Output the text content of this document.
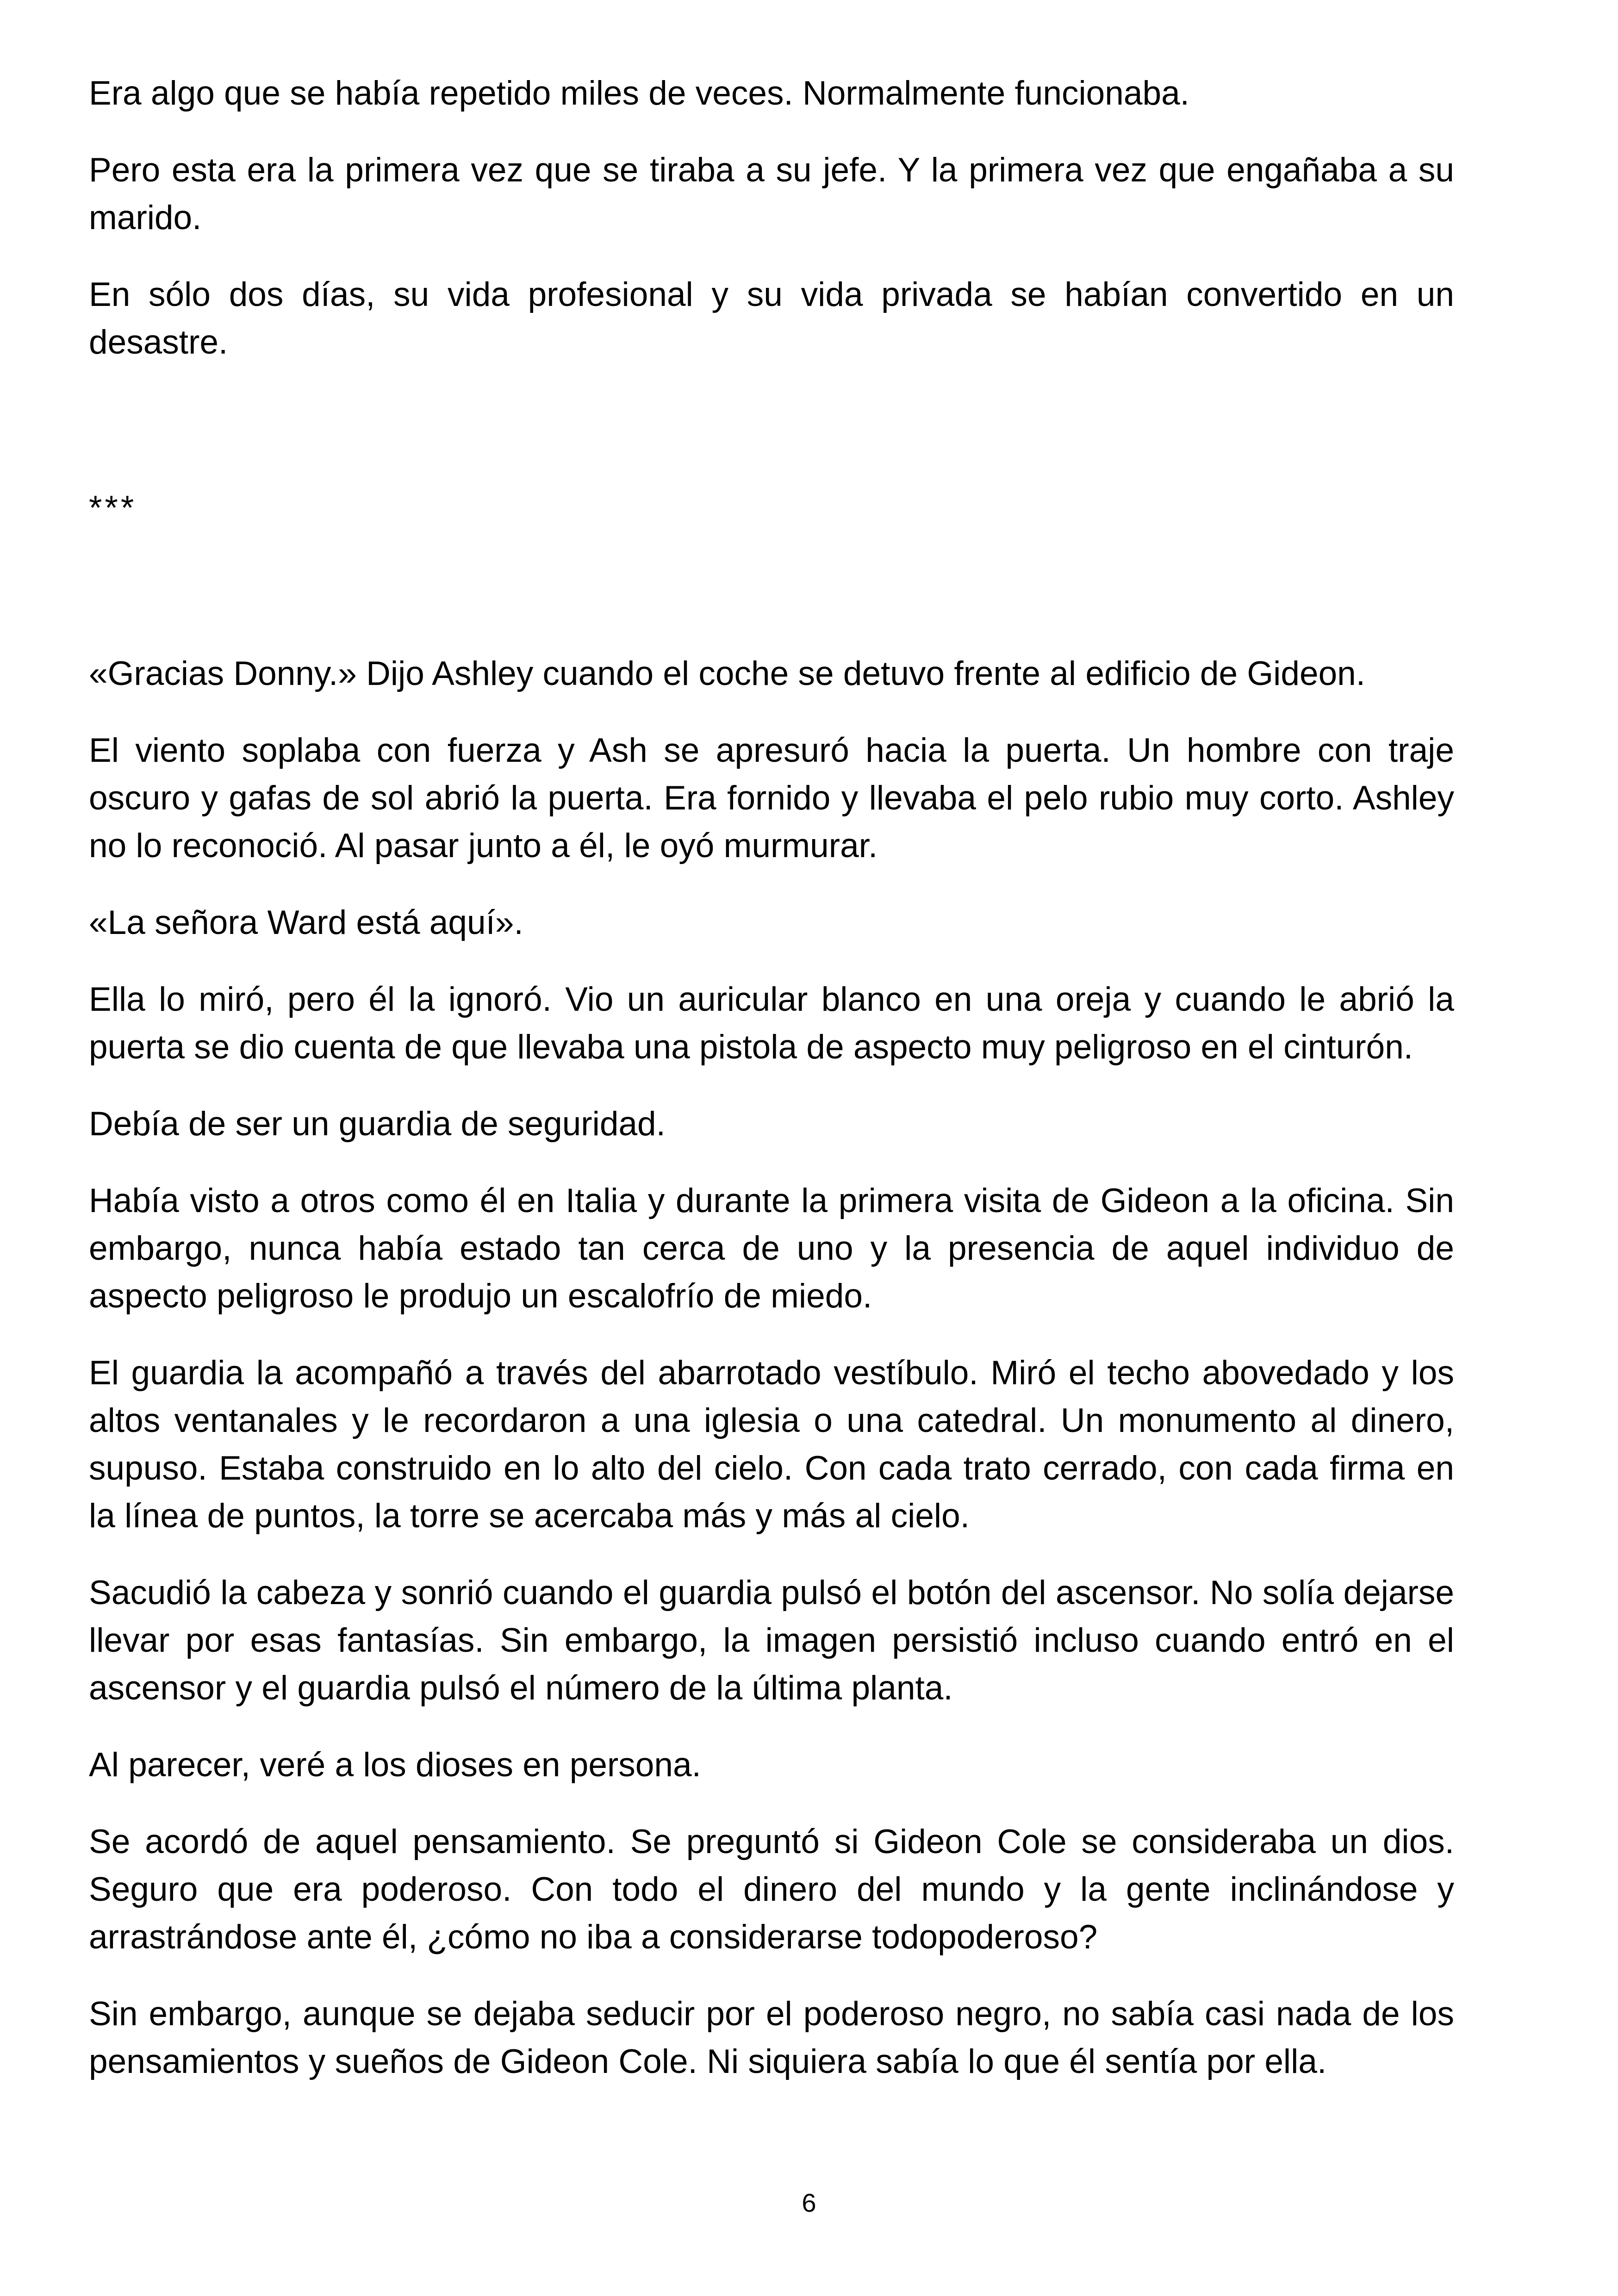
Era algo que se había repetido miles de veces. Normalmente funcionaba.

Pero esta era la primera vez que se tiraba a su jefe. Y la primera vez que engañaba a su marido.

En sólo dos días, su vida profesional y su vida privada se habían convertido en un desastre.

***

«Gracias Donny.» Dijo Ashley cuando el coche se detuvo frente al edificio de Gideon.

El viento soplaba con fuerza y Ash se apresuró hacia la puerta. Un hombre con traje oscuro y gafas de sol abrió la puerta. Era fornido y llevaba el pelo rubio muy corto. Ashley no lo reconoció. Al pasar junto a él, le oyó murmurar.

«La señora Ward está aquí».

Ella lo miró, pero él la ignoró. Vio un auricular blanco en una oreja y cuando le abrió la puerta se dio cuenta de que llevaba una pistola de aspecto muy peligroso en el cinturón.

Debía de ser un guardia de seguridad.

Había visto a otros como él en Italia y durante la primera visita de Gideon a la oficina. Sin embargo, nunca había estado tan cerca de uno y la presencia de aquel individuo de aspecto peligroso le produjo un escalofrío de miedo.

El guardia la acompañó a través del abarrotado vestíbulo. Miró el techo abovedado y los altos ventanales y le recordaron a una iglesia o una catedral. Un monumento al dinero, supuso. Estaba construido en lo alto del cielo. Con cada trato cerrado, con cada firma en la línea de puntos, la torre se acercaba más y más al cielo.

Sacudió la cabeza y sonrió cuando el guardia pulsó el botón del ascensor. No solía dejarse llevar por esas fantasías. Sin embargo, la imagen persistió incluso cuando entró en el ascensor y el guardia pulsó el número de la última planta.

Al parecer, veré a los dioses en persona.

Se acordó de aquel pensamiento. Se preguntó si Gideon Cole se consideraba un dios. Seguro que era poderoso. Con todo el dinero del mundo y la gente inclinándose y arrastrándose ante él, ¿cómo no iba a considerarse todopoderoso?

Sin embargo, aunque se dejaba seducir por el poderoso negro, no sabía casi nada de los pensamientos y sueños de Gideon Cole. Ni siquiera sabía lo que él sentía por ella.

6
